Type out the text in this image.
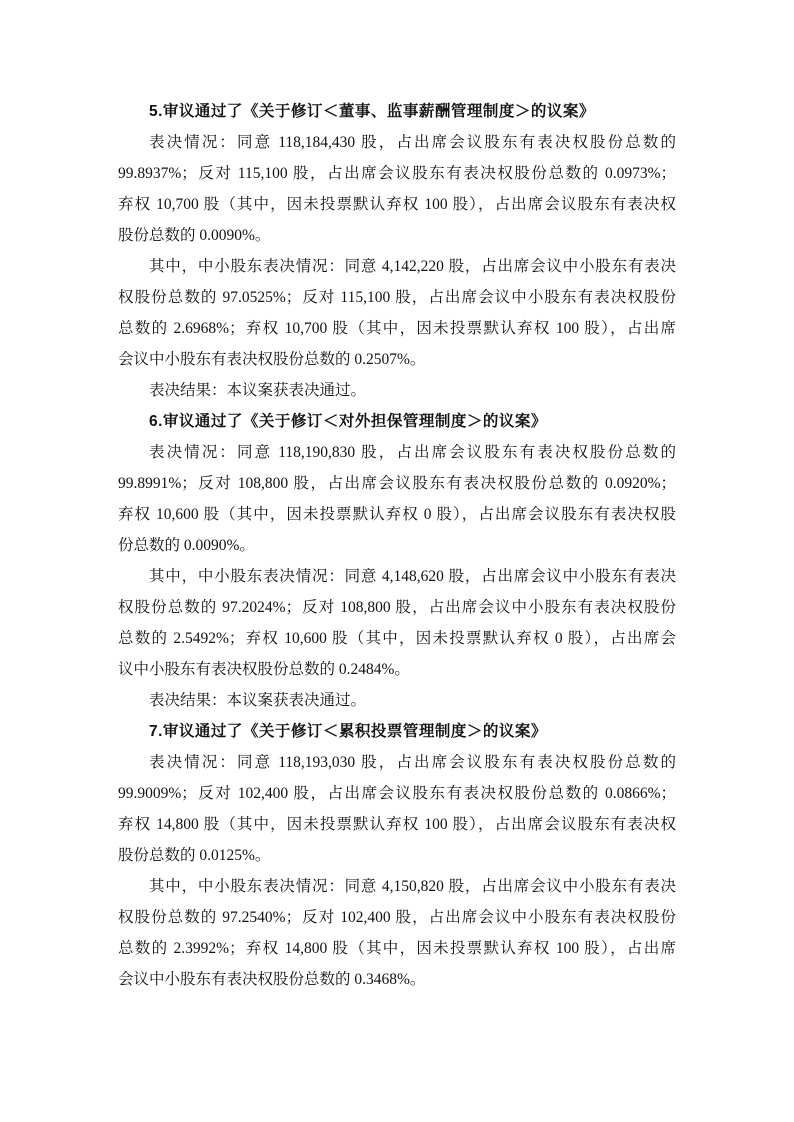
5.审议通过了《关于修订＜董事、监事薪酬管理制度＞的议案》
表决情况：同意 118,184,430 股，占出席会议股东有表决权股份总数的
99.8937%；反对 115,100 股，占出席会议股东有表决权股份总数的 0.0973%；
弃权 10,700 股（其中，因未投票默认弃权 100 股），占出席会议股东有表决权
股份总数的 0.0090%。
其中，中小股东表决情况：同意 4,142,220 股，占出席会议中小股东有表决
权股份总数的 97.0525%；反对 115,100 股，占出席会议中小股东有表决权股份
总数的 2.6968%；弃权 10,700 股（其中，因未投票默认弃权 100 股），占出席
会议中小股东有表决权股份总数的 0.2507%。
表决结果：本议案获表决通过。
6.审议通过了《关于修订＜对外担保管理制度＞的议案》
表决情况：同意 118,190,830 股，占出席会议股东有表决权股份总数的
99.8991%；反对 108,800 股，占出席会议股东有表决权股份总数的 0.0920%；
弃权 10,600 股（其中，因未投票默认弃权 0 股），占出席会议股东有表决权股
份总数的 0.0090%。
其中，中小股东表决情况：同意 4,148,620 股，占出席会议中小股东有表决
权股份总数的 97.2024%；反对 108,800 股，占出席会议中小股东有表决权股份
总数的 2.5492%；弃权 10,600 股（其中，因未投票默认弃权 0 股），占出席会
议中小股东有表决权股份总数的 0.2484%。
表决结果：本议案获表决通过。
7.审议通过了《关于修订＜累积投票管理制度＞的议案》
表决情况：同意 118,193,030 股，占出席会议股东有表决权股份总数的
99.9009%；反对 102,400 股，占出席会议股东有表决权股份总数的 0.0866%；
弃权 14,800 股（其中，因未投票默认弃权 100 股），占出席会议股东有表决权
股份总数的 0.0125%。
其中，中小股东表决情况：同意 4,150,820 股，占出席会议中小股东有表决
权股份总数的 97.2540%；反对 102,400 股，占出席会议中小股东有表决权股份
总数的 2.3992%；弃权 14,800 股（其中，因未投票默认弃权 100 股），占出席
会议中小股东有表决权股份总数的 0.3468%。
